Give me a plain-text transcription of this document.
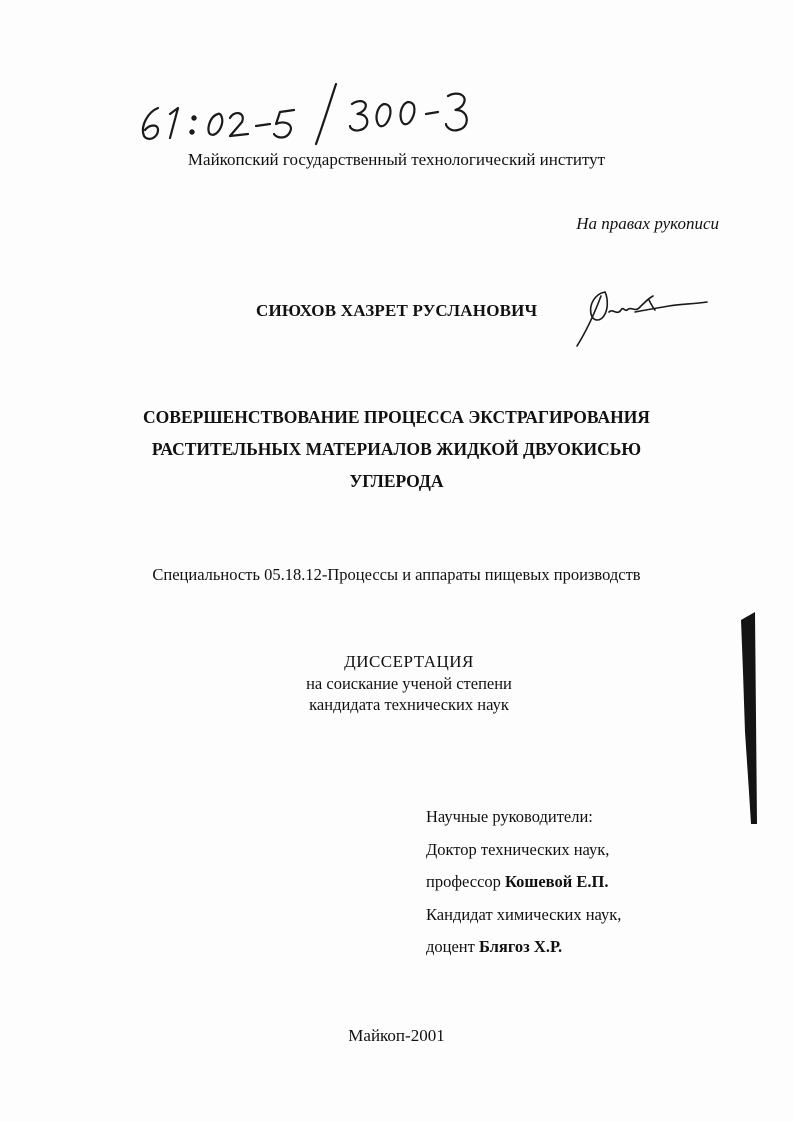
Майкопский государственный технологический институт
На правах рукописи
СИЮХОВ ХАЗРЕТ РУСЛАНОВИЧ
СОВЕРШЕНСТВОВАНИЕ ПРОЦЕССА ЭКСТРАГИРОВАНИЯ
РАСТИТЕЛЬНЫХ МАТЕРИАЛОВ ЖИДКОЙ ДВУОКИСЬЮ
УГЛЕРОДА
Специальность 05.18.12-Процессы и аппараты пищевых производств
ДИССЕРТАЦИЯ
на соискание ученой степени
кандидата технических наук
Научные руководители:
Доктор технических наук,
профессор Кошевой Е.П.
Кандидат химических наук,
доцент Блягоз Х.Р.
Майкоп-2001
